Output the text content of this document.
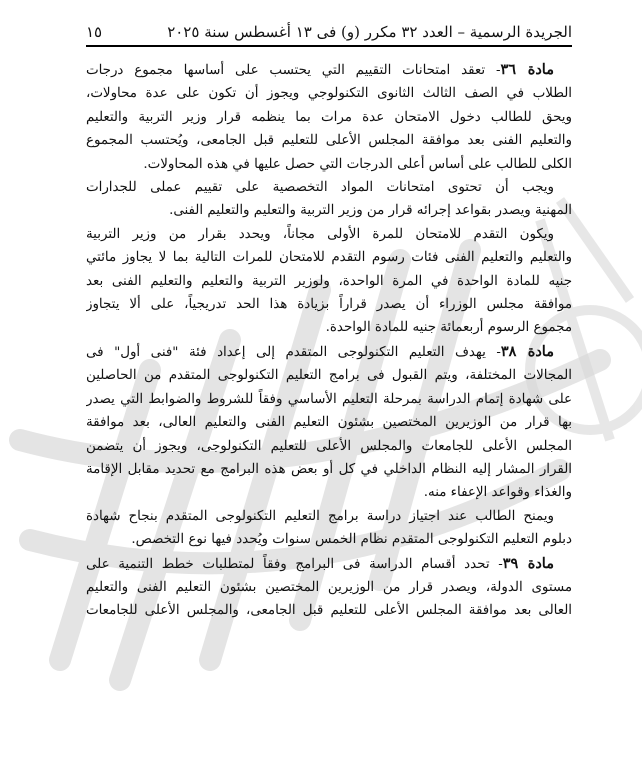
الجريدة الرسمية – العدد ٣٢ مكرر (و) فى ١٣ أغسطس سنة ٢٠٢٥
١٥

مادة ٣٦- تعقد امتحانات التقييم التي يحتسب على أساسها مجموع درجات
الطلاب في الصف الثالث الثانوى التكنولوجي ويجوز أن تكون على عدة محاولات،
ويحق للطالب دخول الامتحان عدة مرات بما ينظمه قرار وزير التربية والتعليم
والتعليم الفنى بعد موافقة المجلس الأعلى للتعليم قبل الجامعى، ويُحتسب المجموع
الكلى للطالب على أساس أعلى الدرجات التي حصل عليها في هذه المحاولات.

ويجب أن تحتوى امتحانات المواد التخصصية على تقييم عملى للجدارات
المهنية ويصدر بقواعد إجرائه قرار من وزير التربية والتعليم والتعليم الفنى.

ويكون التقدم للامتحان للمرة الأولى مجاناً، ويحدد بقرار من وزير التربية
والتعليم والتعليم الفنى فئات رسوم التقدم للامتحان للمرات التالية بما لا يجاوز مائتي
جنيه للمادة الواحدة في المرة الواحدة، ولوزير التربية والتعليم والتعليم الفنى بعد
موافقة مجلس الوزراء أن يصدر قراراً بزيادة هذا الحد تدريجياً، على ألا يتجاوز
مجموع الرسوم أربعمائة جنيه للمادة الواحدة.

مادة ٣٨- يهدف التعليم التكنولوجى المتقدم إلى إعداد فئة "فنى أول" فى
المجالات المختلفة، ويتم القبول فى برامج التعليم التكنولوجى المتقدم من الحاصلين
على شهادة إتمام الدراسة بمرحلة التعليم الأساسي وفقاً للشروط والضوابط التي يصدر
بها قرار من الوزيرين المختصين بشئون التعليم الفنى والتعليم العالى، بعد موافقة
المجلس الأعلى للجامعات والمجلس الأعلى للتعليم التكنولوجى، ويجوز أن يتضمن
القرار المشار إليه النظام الداخلي في كل أو بعض هذه البرامج مع تحديد مقابل الإقامة
والغذاء وقواعد الإعفاء منه.

ويمنح الطالب عند اجتياز دراسة برامج التعليم التكنولوجى المتقدم بنجاح شهادة
دبلوم التعليم التكنولوجى المتقدم نظام الخمس سنوات ويُحدد فيها نوع التخصص.

مادة ٣٩- تحدد أقسام الدراسة فى البرامج وفقاً لمتطلبات خطط التنمية على
مستوى الدولة، ويصدر قرار من الوزيرين المختصين بشئون التعليم الفنى والتعليم
العالى بعد موافقة المجلس الأعلى للتعليم قبل الجامعى، والمجلس الأعلى للجامعات
